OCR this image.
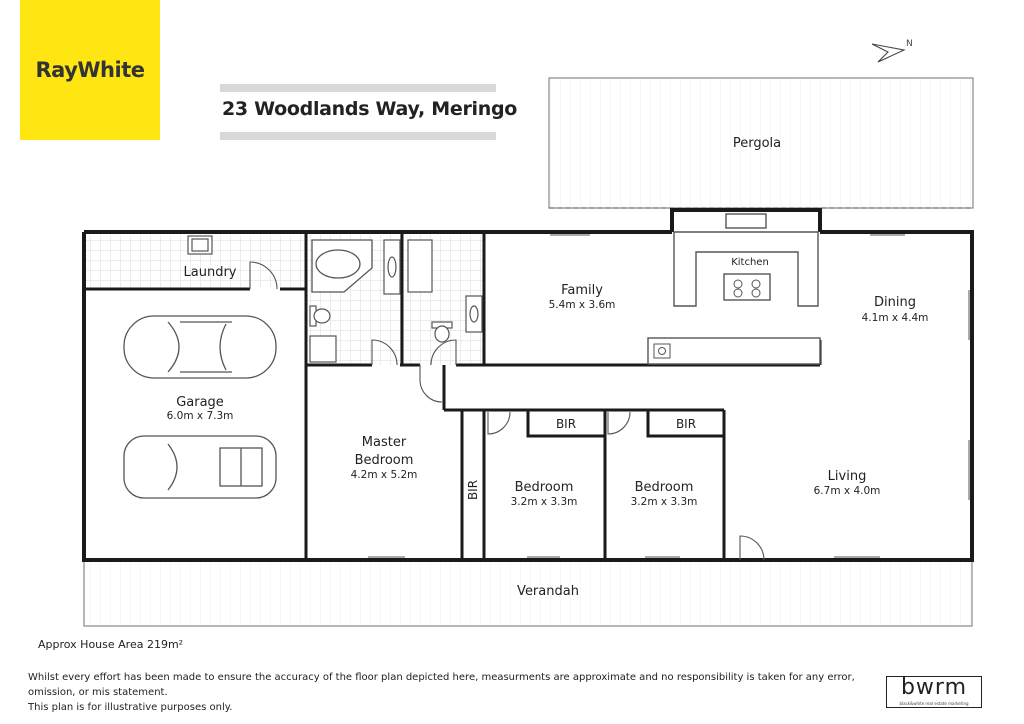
RayWhite
23 Woodlands Way, Meringo
N
Pergola
Laundry
Garage
6.0m x 7.3m
Family
5.4m x 3.6m
Kitchen
Dining
4.1m x 4.4m
Master
Bedroom
4.2m x 5.2m
BIR
BIR	BIR
Bedroom
3.2m x 3.3m
Bedroom
3.2m x 3.3m
Living
6.7m x 4.0m
Verandah
Approx House Area 219m²
Whilst every effort has been made to ensure the accuracy of the floor plan depicted here, measurments are approximate and no responsibility is taken for any error, omission, or mis statement.
This plan is for illustrative purposes only.
bwrm
black&white real estate marketing
